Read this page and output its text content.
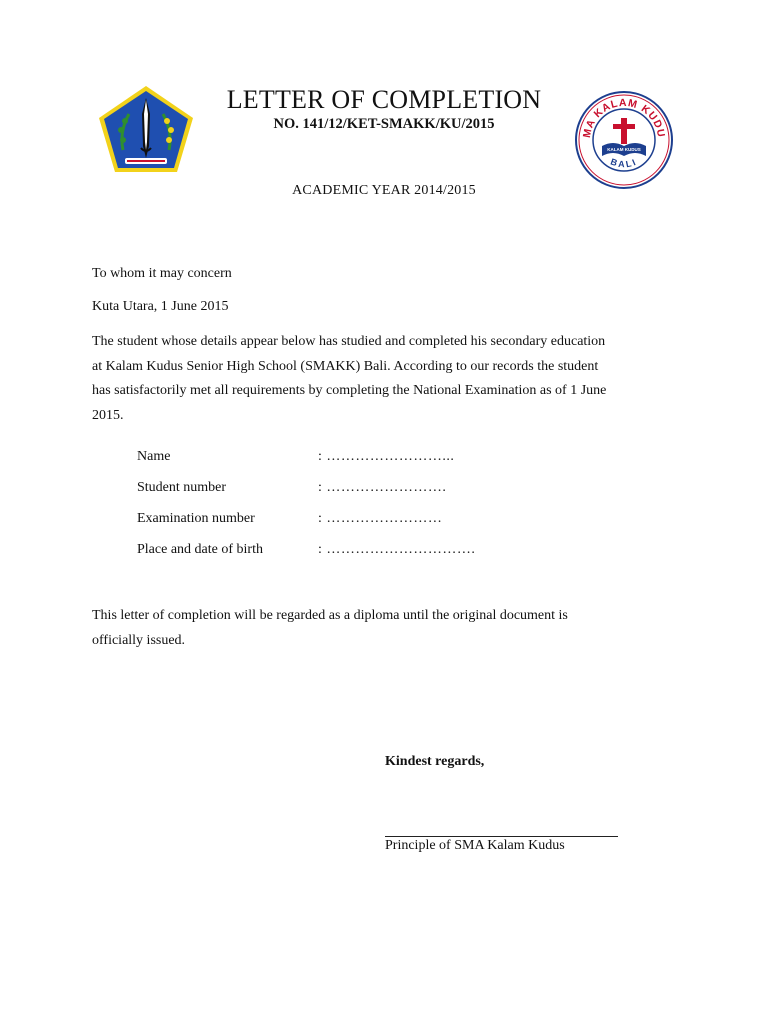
LETTER OF COMPLETION
NO. 141/12/KET-SMAKK/KU/2015
MA KALAM KUDU
BALI
KALAM KUDUS
ACADEMIC YEAR 2014/2015
To whom it may concern
Kuta Utara, 1 June 2015
The student whose details appear below has studied and completed his secondary education
at Kalam Kudus Senior High School (SMAKK) Bali. According to our records the student
has satisfactorily met all requirements by completing the National Examination as of 1 June
2015.
Name	: ……………………...
Student number	: …………………….
Examination number	: ……………………
Place and date of birth	: ………………………….
This letter of completion will be regarded as a diploma until the original document is
officially issued.
Kindest regards,
Principle of SMA Kalam Kudus
